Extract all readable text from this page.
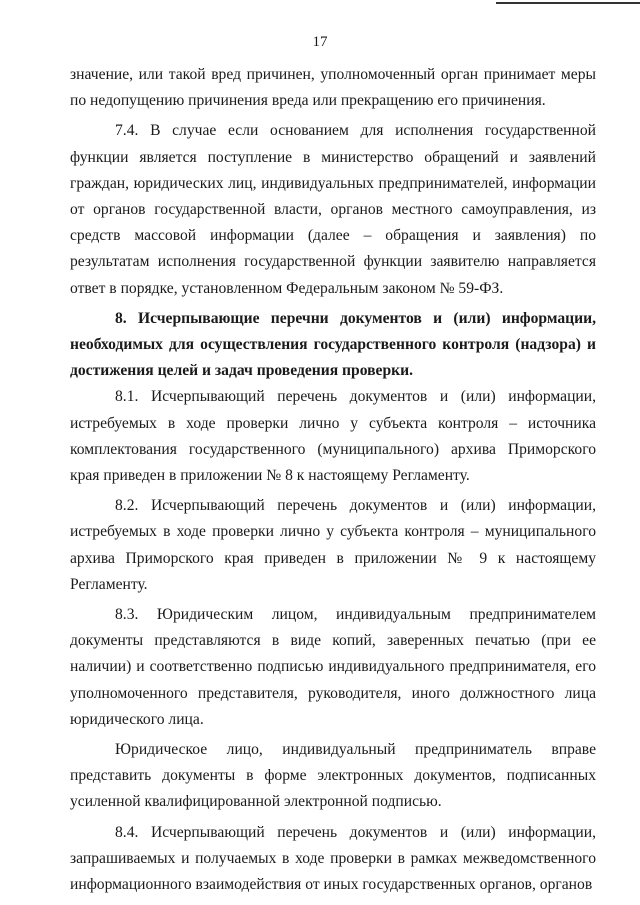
17

значение, или такой вред причинен, уполномоченный орган принимает меры по недопущению причинения вреда или прекращению его причинения.

7.4. В случае если основанием для исполнения государственной функции является поступление в министерство обращений и заявлений граждан, юридических лиц, индивидуальных предпринимателей, информации от органов государственной власти, органов местного самоуправления, из средств массовой информации (далее – обращения и заявления) по результатам исполнения государственной функции заявителю направляется ответ в порядке, установленном Федеральным законом № 59-ФЗ.

8. Исчерпывающие перечни документов и (или) информации, необходимых для осуществления государственного контроля (надзора) и достижения целей и задач проведения проверки.

8.1. Исчерпывающий перечень документов и (или) информации, истребуемых в ходе проверки лично у субъекта контроля – источника комплектования государственного (муниципального) архива Приморского края приведен в приложении № 8 к настоящему Регламенту.

8.2. Исчерпывающий перечень документов и (или) информации, истребуемых в ходе проверки лично у субъекта контроля – муниципального архива Приморского края приведен в приложении № 9 к настоящему Регламенту.

8.3. Юридическим лицом, индивидуальным предпринимателем документы представляются в виде копий, заверенных печатью (при ее наличии) и соответственно подписью индивидуального предпринимателя, его уполномоченного представителя, руководителя, иного должностного лица юридического лица.

Юридическое лицо, индивидуальный предприниматель вправе представить документы в форме электронных документов, подписанных усиленной квалифицированной электронной подписью.

8.4. Исчерпывающий перечень документов и (или) информации, запрашиваемых и получаемых в ходе проверки в рамках межведомственного информационного взаимодействия от иных государственных органов, органов
